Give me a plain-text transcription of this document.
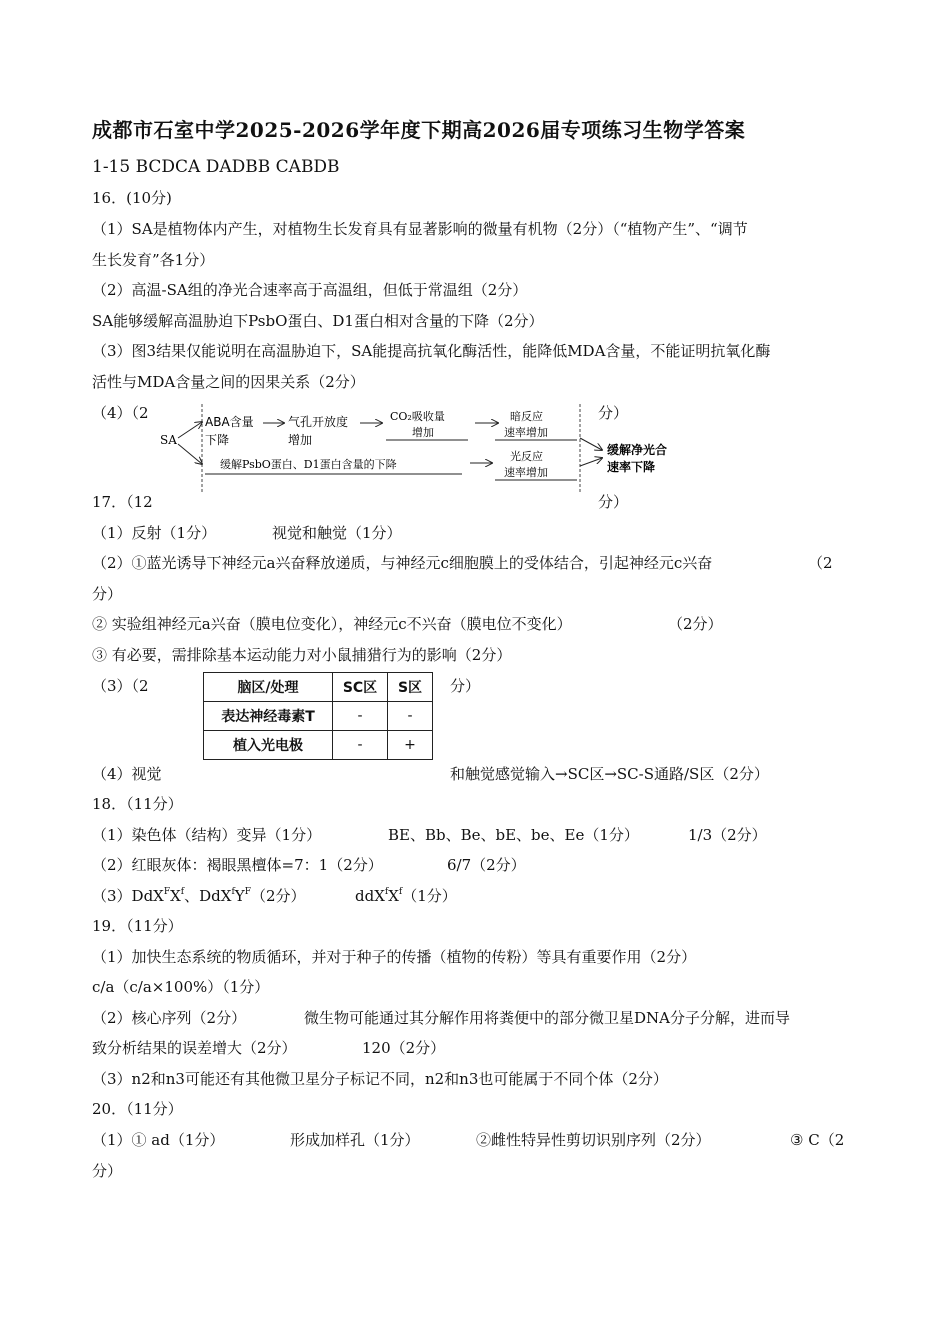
成都市石室中学2025-2026学年度下期高2026届专项练习生物学答案
1-15 BCDCA DADBB CABDB
16．(10分)
（1）SA是植物体内产生，对植物生长发育具有显著影响的微量有机物（2分）（“植物产生”、“调节
生长发育”各1分）
（2）高温-SA组的净光合速率高于高温组，但低于常温组（2分）
SA能够缓解高温胁迫下PsbO蛋白、D1蛋白相对含量的下降（2分）
（3）图3结果仅能说明在高温胁迫下，SA能提高抗氧化酶活性，能降低MDA含量，不能证明抗氧化酶
活性与MDA含量之间的因果关系（2分）
（4）（2	分）
SA
ABA含量
下降
气孔开放度
增加
CO₂吸收量
增加
暗反应
速率增加
缓解PsbO蛋白、D1蛋白含量的下降
光反应
速率增加
缓解净光合
速率下降
17．（12	分）
（1）反射（1分）	视觉和触觉（1分）
（2）①蓝光诱导下神经元a兴奋释放递质，与神经元c细胞膜上的受体结合，引起神经元c兴奋	（2
分）
② 实验组神经元a兴奋（膜电位变化），神经元c不兴奋（膜电位不变化）	（2分）
③ 有必要，需排除基本运动能力对小鼠捕猎行为的影响（2分）
（3）（2	分）
脑区/处理	SC区	S区
表达神经毒素T	-	-
植入光电极	-	+
（4）视觉	和触觉感觉输入→SC区→SC-S通路/S区（2分）
18．（11分）
（1）染色体（结构）变异（1分）	BE、Bb、Be、bE、be、Ee（1分）	1/3（2分）
（2）红眼灰体：褐眼黑檀体=7：1（2分）	6/7（2分）
$(3)DdX^FX^f$、$DdX^fY^F(2$分）	$ddX^fX^f(1$分）
19．（11分）
（1）加快生态系统的物质循环，并对于种子的传播（植物的传粉）等具有重要作用（2分）
c/a（c/a×100%）（1分）
（2）核心序列（2分）	微生物可能通过其分解作用将粪便中的部分微卫星DNA分子分解，进而导
致分析结果的误差增大（2分）	120（2分）
（3）n2和n3可能还有其他微卫星分子标记不同，n2和n3也可能属于不同个体（2分）
20．（11分）
（1）① ad（1分）	形成加样孔（1分）	②雌性特异性剪切识别序列（2分）	③ C（2
分）
